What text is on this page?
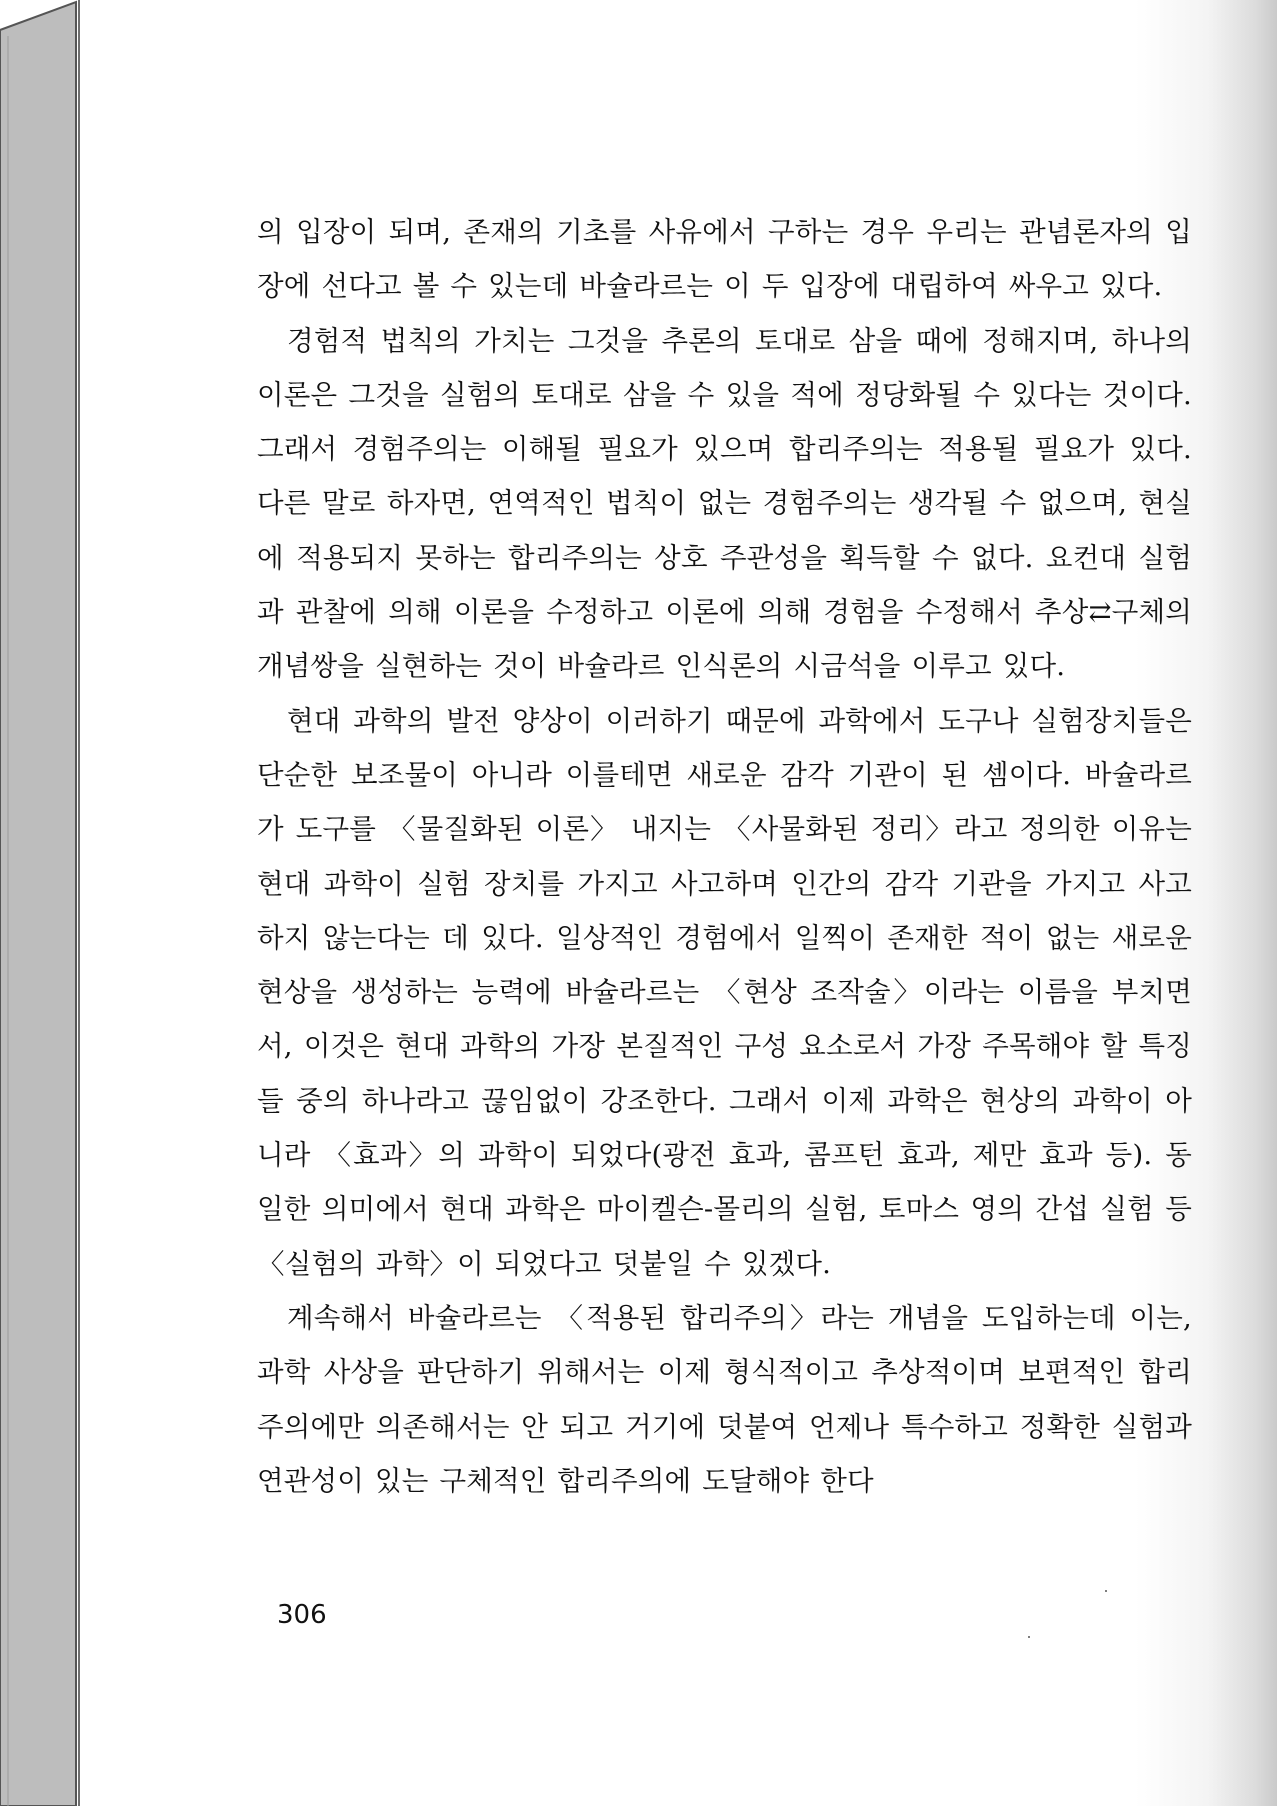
의 입장이 되며, 존재의 기초를 사유에서 구하는 경우 우리는 관념론자의 입장에 선다고 볼 수 있는데 바슐라르는 이 두 입장에 대립하여 싸우고 있다.

경험적 법칙의 가치는 그것을 추론의 토대로 삼을 때에 정해지며, 하나의 이론은 그것을 실험의 토대로 삼을 수 있을 적에 정당화될 수 있다는 것이다. 그래서 경험주의는 이해될 필요가 있으며 합리주의는 적용될 필요가 있다. 다른 말로 하자면, 연역적인 법칙이 없는 경험주의는 생각될 수 없으며, 현실에 적용되지 못하는 합리주의는 상호 주관성을 획득할 수 없다. 요컨대 실험과 관찰에 의해 이론을 수정하고 이론에 의해 경험을 수정해서 추상⇄구체의 개념쌍을 실현하는 것이 바슐라르 인식론의 시금석을 이루고 있다.

현대 과학의 발전 양상이 이러하기 때문에 과학에서 도구나 실험장치들은 단순한 보조물이 아니라 이를테면 새로운 감각 기관이 된 셈이다. 바슐라르가 도구를 〈물질화된 이론〉 내지는 〈사물화된 정리〉라고 정의한 이유는 현대 과학이 실험 장치를 가지고 사고하며 인간의 감각 기관을 가지고 사고하지 않는다는 데 있다. 일상적인 경험에서 일찍이 존재한 적이 없는 새로운 현상을 생성하는 능력에 바슐라르는 〈현상 조작술〉이라는 이름을 부치면서, 이것은 현대 과학의 가장 본질적인 구성 요소로서 가장 주목해야 할 특징들 중의 하나라고 끊임없이 강조한다. 그래서 이제 과학은 현상의 과학이 아니라 〈효과〉의 과학이 되었다(광전 효과, 콤프턴 효과, 제만 효과 등). 동일한 의미에서 현대 과학은 마이켈슨-몰리의 실험, 토마스 영의 간섭 실험 등 〈실험의 과학〉이 되었다고 덧붙일 수 있겠다.

계속해서 바슐라르는 〈적용된 합리주의〉라는 개념을 도입하는데 이는, 과학 사상을 판단하기 위해서는 이제 형식적이고 추상적이며 보편적인 합리주의에만 의존해서는 안 되고 거기에 덧붙여 언제나 특수하고 정확한 실험과 연관성이 있는 구체적인 합리주의에 도달해야 한다

306
